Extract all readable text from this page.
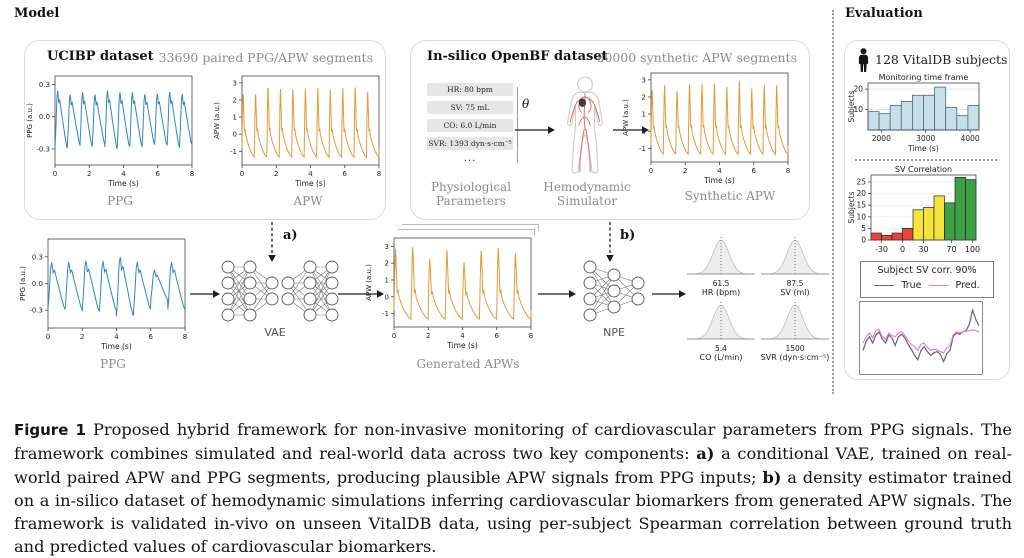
Model	Evaluation
UCIBP dataset 33690 paired PPG/APW segments
0.3
0.0
-0.3
0	2	4	6	8
PPG (a.u.)
Time (s)
PPG
3
2
1
0
-1
0	2	4	6	8
APW (a.u.)
Time (s)
APW
In-silico OpenBF dataset
80000 synthetic APW segments
HR: 80 bpm
SV: 75 mL
CO: 6.0 L/min
SVR: 1393 dyn·s·cm⁻⁵
...
θ
3
2
1
0
-1
0	2	4	6	8
APW (a.u.)
Time (s)
Physiological
Parameters
Hemodynamic
Simulator	Synthetic APW
0.3
0.0
-0.3
0	2	4	6	8
PPG (a.u.)
Time (s)
PPG
VAE
a)
3
2
1
0
-1
0	2	4	6	8
APW (a.u.)
Time (s)
Generated APWs
NPE
b)
61.5
HR (bpm)
87.5
SV (ml)
5.4
CO (L/min)
1500
SVR (dyn·s·cm⁻⁵)
128 VitalDB subjects
Monitoring time frame
10
20
2000	3000	4000
Time (s)
Subjects
SV Correlation
0
5
10
15
20
25
-30 0 30 70 100
Subjects
Subject SV corr. 90%
True	Pred.

Figure 1 Proposed hybrid framework for non-invasive monitoring of cardiovascular parameters from PPG signals. The framework combines simulated and real-world data across two key components: a) a conditional VAE, trained on real-world paired APW and PPG segments, producing plausible APW signals from PPG inputs; b) a density estimator trained on a in-silico dataset of hemodynamic simulations inferring cardiovascular biomarkers from generated APW signals. The framework is validated in-vivo on unseen VitalDB data, using per-subject Spearman correlation between ground truth and predicted values of cardiovascular biomarkers.
